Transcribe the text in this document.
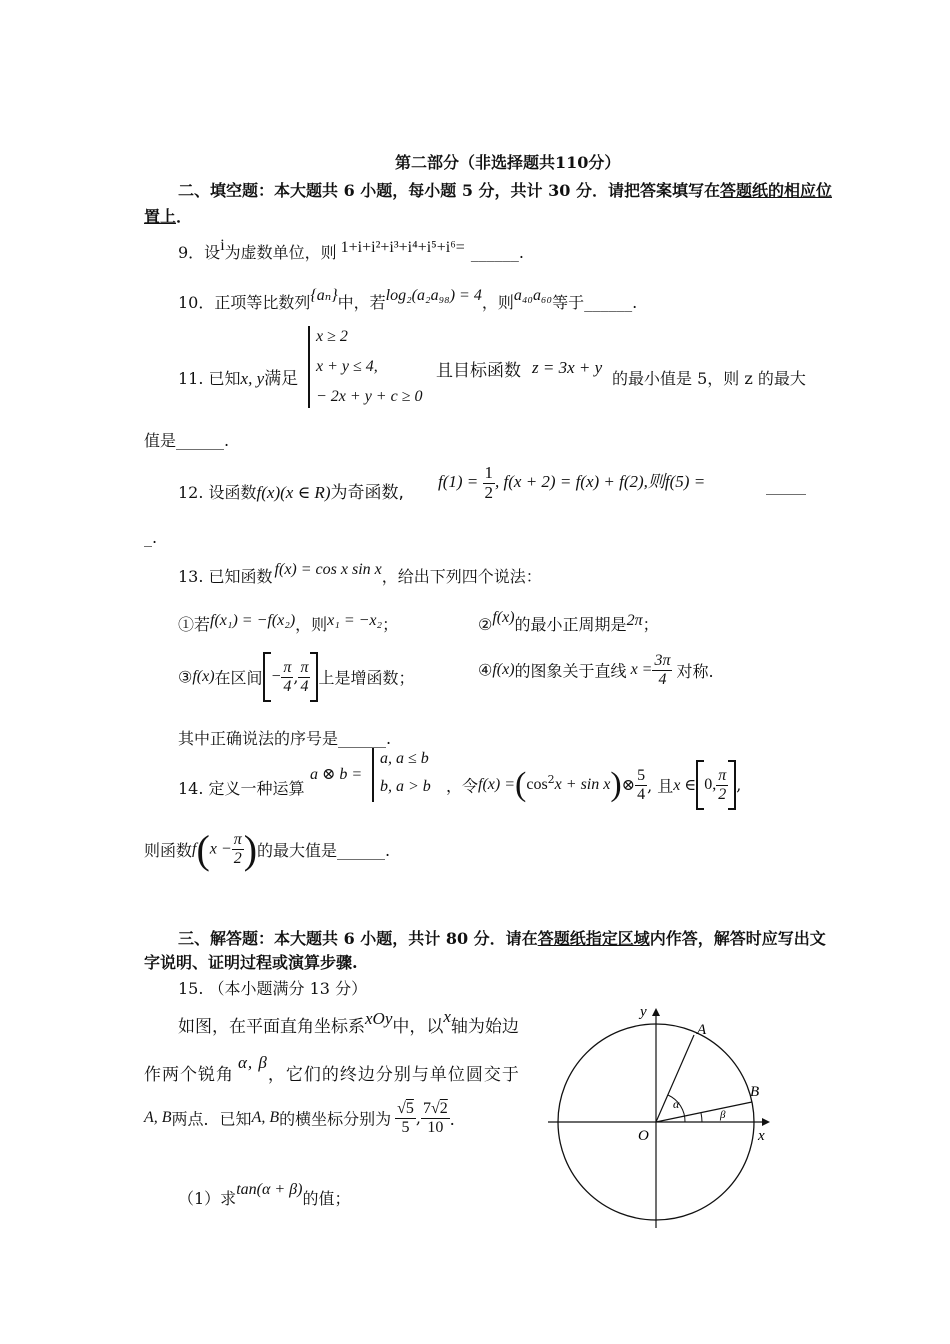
第二部分（非选择题共110分）
二、填空题：本大题共 6 小题，每小题 5 分，共计 30 分．请把答案填写在答题纸的相应位
置上．
9．设i为虚数单位，则 1+i+i²+i³+i⁴+i⁵+i⁶= ______.
10．正项等比数列{aₙ}中，若log₂(a₂a₉₈) = 4，则a₄₀a₆₀等于______.
11. 已知x, y满足
x ≥ 2
x + y ≤ 4,
− 2x + y + c ≥ 0
且目标函数 z = 3x + y
的最小值是 5，则 z 的最大
值是______.
12. 设函数f(x)(x ∈ R)为奇函数,
$f(1) = \frac{1}{2}$ , f(x + 2) = f(x) + f(2),则f(5) =	_____
_.
13. 已知函数 f(x) = cos x sin x，给出下列四个说法：
①若f(x₁) = −f(x₂)，则x₁ = −x₂；	②f(x)的最小正周期是2π；
③f(x)在区间 − $\frac{\pi}{4}$ , $\frac{\pi}{4}$ 上是增函数；	④f(x)的图象关于直线 $x = \frac{3\pi}{4}$ 对称.
其中正确说法的序号是______.
14. 定义一种运算
a ⊗ b =
a, a ≤ b
b, a > b ，令$f(x) =(\cos^2x + \sin$ x)⊗ $\frac{5}{4}$ , 且x ∈ 0, $\frac{\pi}{2}$ ,
则函数$f(x - \frac{\pi}{2}$ )的最大值是______.
三、解答题：本大题共 6 小题，共计 80 分．请在答题纸指定区域内作答，解答时应写出文
字说明、证明过程或演算步骤.
15. （本小题满分 13 分）
如图，在平面直角坐标系xOy中，以x轴为始边
作两个锐角α, β，它们的终边分别与单位圆交于
A, B两点．已知A, B的横坐标分别为 $\frac{√5}{5}$ , $\frac{7√2}{10}$ ．
（1）求tan(α + β)的值；
y
x
O
A
B
α
β
